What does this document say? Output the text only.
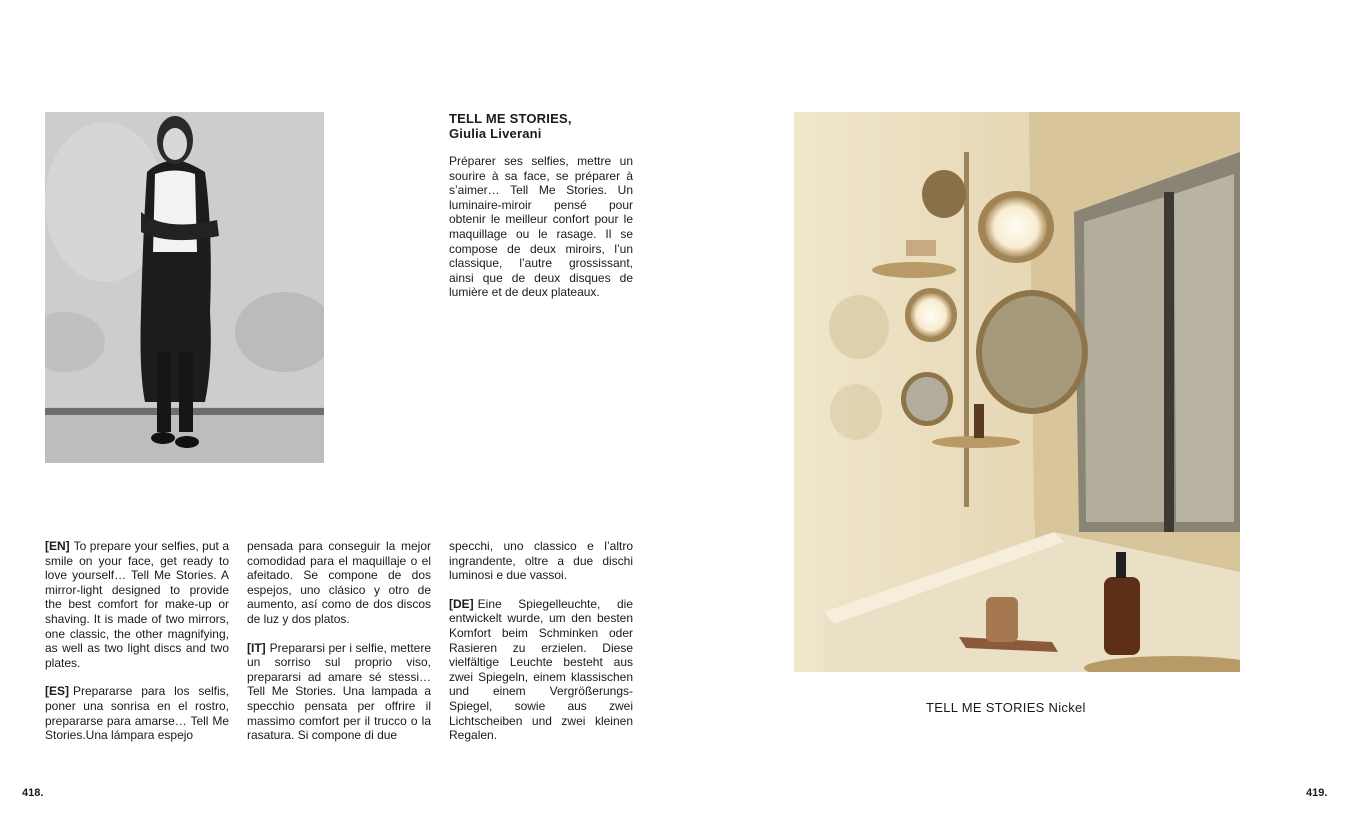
TELL ME STORIES,
Giulia Liverani

Préparer ses selfies, mettre un sourire à sa face, se préparer à s’aimer… Tell Me Stories. Un luminaire-miroir pensé pour obtenir le meilleur confort pour le maquillage ou le rasage. Il se compose de deux miroirs, l’un classique, l’autre grossissant, ainsi que de deux disques de lumière et de deux plateaux.

[EN] To prepare your selfies, put a smile on your face, get ready to love yourself… Tell Me Stories. A mirror-light designed to provide the best comfort for make-up or shaving. It is made of two mirrors, one classic, the other magnifying, as well as two light discs and two plates.

[ES] Prepararse para los selfis, poner una sonrisa en el rostro, prepararse para amarse… Tell Me Stories.Una lámpara espejo

pensada para conseguir la mejor comodidad para el maquillaje o el afeitado. Se compone de dos espejos, uno clásico y otro de aumento, así como de dos discos de luz y dos platos.

[IT] Prepararsi per i selfie, mettere un sorriso sul proprio viso, prepararsi ad amare sé stessi… Tell Me Stories. Una lampada a specchio pensata per offrire il massimo comfort per il trucco o la rasatura. Si compone di due

specchi, uno classico e l’altro ingrandente, oltre a due dischi luminosi e due vassoi.

[DE] Eine Spiegelleuchte, die entwickelt wurde, um den besten Komfort beim Schminken oder Rasieren zu erzielen. Diese vielfältige Leuchte besteht aus zwei Spiegeln, einem klassischen und einem Vergrößerungs-Spiegel, sowie aus zwei Lichtscheiben und zwei kleinen Regalen.

TELL ME STORIES Nickel
418.	419.
